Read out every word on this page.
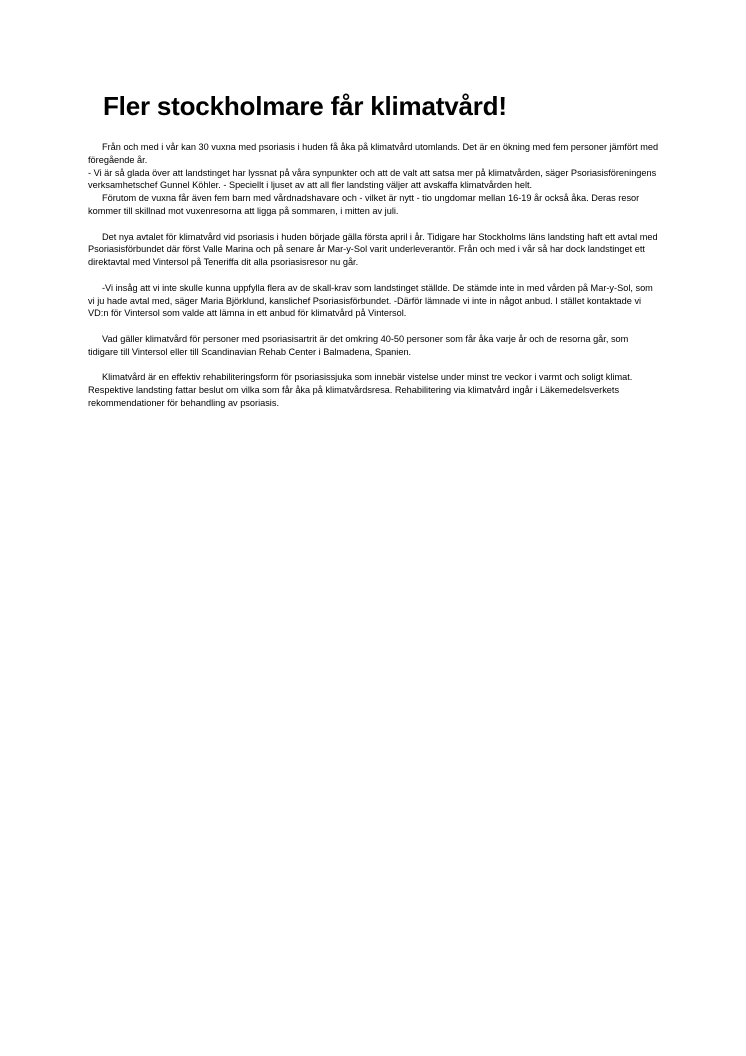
Fler stockholmare får klimatvård!

Från och med i vår kan 30 vuxna med psoriasis i huden få åka på klimatvård utomlands. Det är en ökning med fem personer jämfört med föregående år.

- Vi är så glada över att landstinget har lyssnat på våra synpunkter och att de valt att satsa mer på klimatvården, säger Psoriasisföreningens verksamhetschef Gunnel Köhler. - Speciellt i ljuset av att all fler landsting väljer att avskaffa klimatvården helt.

Förutom de vuxna får även fem barn med vårdnadshavare och - vilket är nytt - tio ungdomar mellan 16-19 år också åka. Deras resor kommer till skillnad mot vuxenresorna att ligga på sommaren, i mitten av juli.

Det nya avtalet för klimatvård vid psoriasis i huden började gälla första april i år. Tidigare har Stockholms läns landsting haft ett avtal med Psoriasisförbundet där först Valle Marina och på senare år Mar-y-Sol varit underleverantör. Från och med i vår så har dock landstinget ett direktavtal med Vintersol på Teneriffa dit alla psoriasisresor nu går.

-Vi insåg att vi inte skulle kunna uppfylla flera av de skall-krav som landstinget ställde. De stämde inte in med vården på Mar-y-Sol, som vi ju hade avtal med, säger Maria Björklund, kanslichef Psoriasisförbundet. -Därför lämnade vi inte in något anbud. I stället kontaktade vi VD:n för Vintersol som valde att lämna in ett anbud för klimatvård på Vintersol.

Vad gäller klimatvård för personer med psoriasisartrit är det omkring 40-50 personer som får åka varje år och de resorna går, som tidigare till Vintersol eller till Scandinavian Rehab Center i Balmadena, Spanien.

Klimatvård är en effektiv rehabiliteringsform för psoriasissjuka som innebär vistelse under minst tre veckor i varmt och soligt klimat. Respektive landsting fattar beslut om vilka som får åka på klimatvårdsresa. Rehabilitering via klimatvård ingår i Läkemedelsverkets rekommendationer för behandling av psoriasis.
